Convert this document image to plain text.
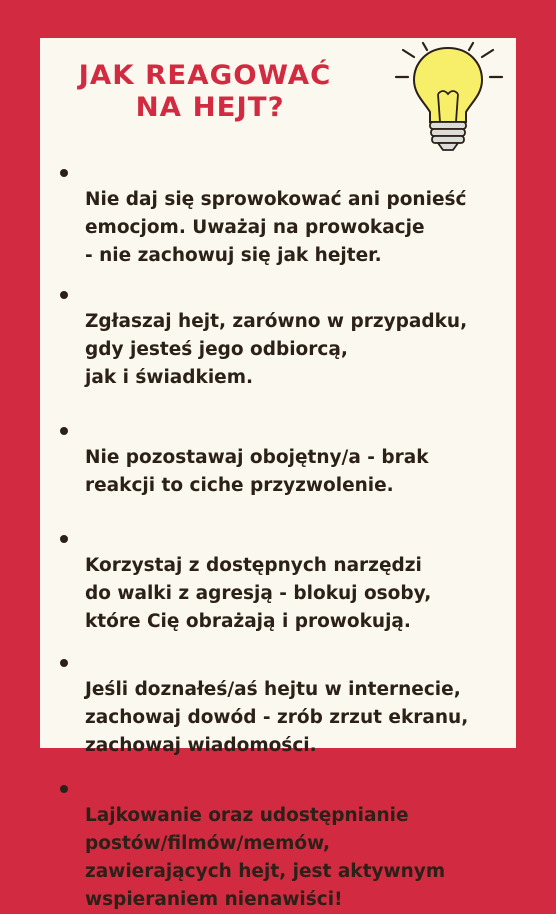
JAK REAGOWAĆ
NA HEJT?

Nie daj się sprowokować ani ponieść
emocjom. Uważaj na prowokacje
- nie zachowuj się jak hejter.

Zgłaszaj hejt, zarówno w przypadku,
gdy jesteś jego odbiorcą,
jak i świadkiem.

Nie pozostawaj obojętny/a - brak
reakcji to ciche przyzwolenie.

Korzystaj z dostępnych narzędzi
do walki z agresją - blokuj osoby,
które Cię obrażają i prowokują.

Jeśli doznałeś/aś hejtu w internecie,
zachowaj dowód - zrób zrzut ekranu,
zachowaj wiadomości.

Lajkowanie oraz udostępnianie
postów/filmów/memów,
zawierających hejt, jest aktywnym
wspieraniem nienawiści!
